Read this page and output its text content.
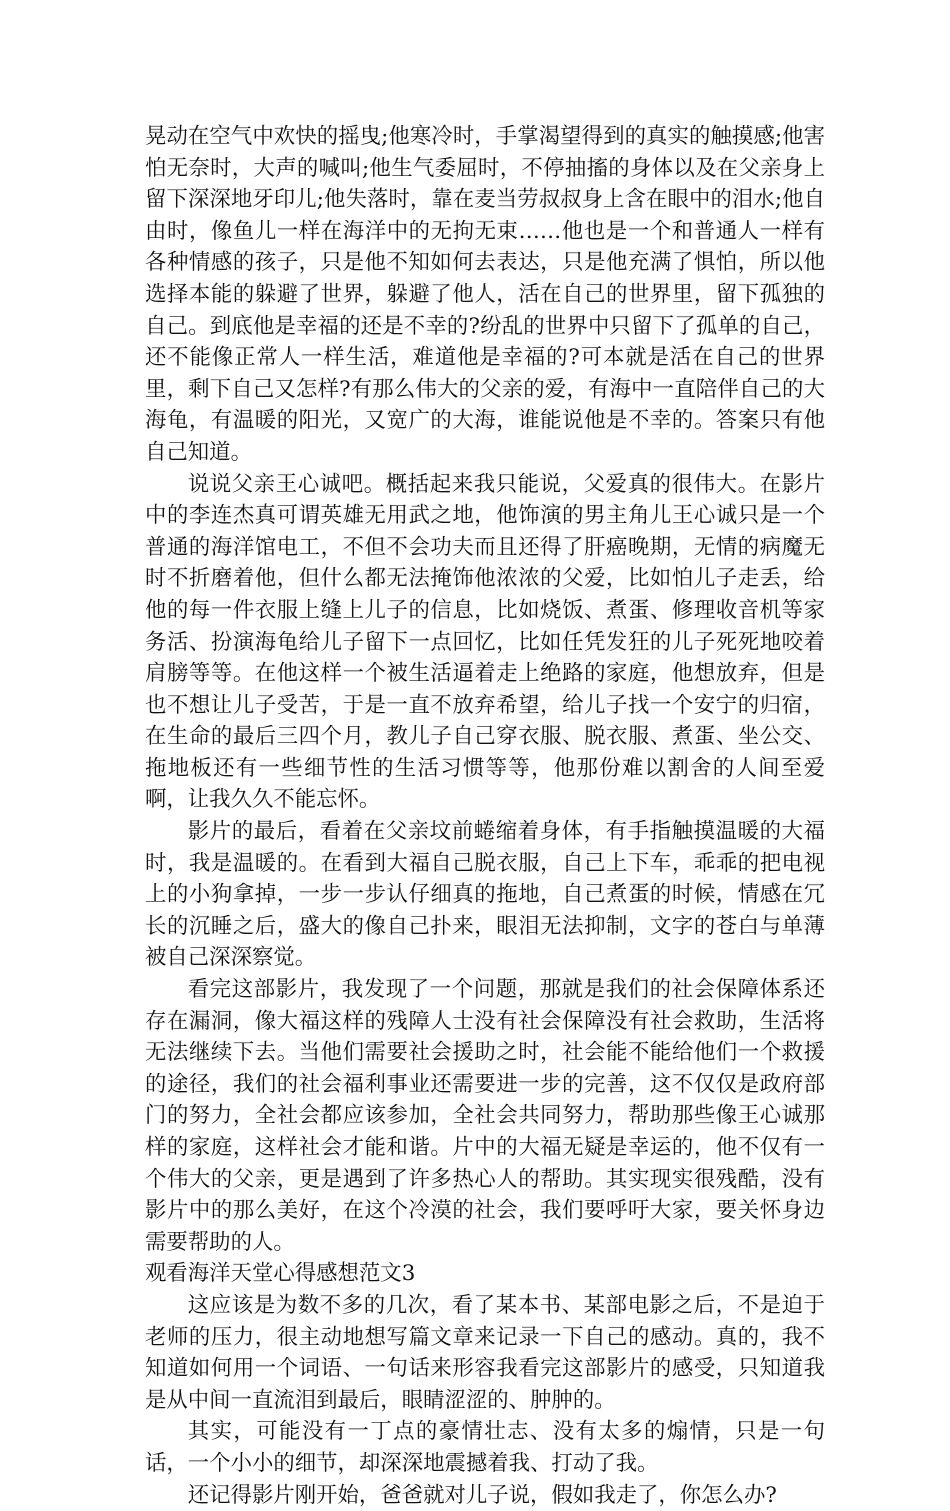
晃动在空气中欢快的摇曳;他寒冷时，手掌渴望得到的真实的触摸感;他害怕无奈时，大声的喊叫;他生气委屈时，不停抽搐的身体以及在父亲身上留下深深地牙印儿;他失落时，靠在麦当劳叔叔身上含在眼中的泪水;他自由时，像鱼儿一样在海洋中的无拘无束……他也是一个和普通人一样有各种情感的孩子，只是他不知如何去表达，只是他充满了惧怕，所以他选择本能的躲避了世界，躲避了他人，活在自己的世界里，留下孤独的自己。到底他是幸福的还是不幸的?纷乱的世界中只留下了孤单的自己，还不能像正常人一样生活，难道他是幸福的?可本就是活在自己的世界里，剩下自己又怎样?有那么伟大的父亲的爱，有海中一直陪伴自己的大海龟，有温暖的阳光，又宽广的大海，谁能说他是不幸的。答案只有他自己知道。

说说父亲王心诚吧。概括起来我只能说，父爱真的很伟大。在影片中的李连杰真可谓英雄无用武之地，他饰演的男主角儿王心诚只是一个普通的海洋馆电工，不但不会功夫而且还得了肝癌晚期，无情的病魔无时不折磨着他，但什么都无法掩饰他浓浓的父爱，比如怕儿子走丢，给他的每一件衣服上缝上儿子的信息，比如烧饭、煮蛋、修理收音机等家务活、扮演海龟给儿子留下一点回忆，比如任凭发狂的儿子死死地咬着肩膀等等。在他这样一个被生活逼着走上绝路的家庭，他想放弃，但是也不想让儿子受苦，于是一直不放弃希望，给儿子找一个安宁的归宿，在生命的最后三四个月，教儿子自己穿衣服、脱衣服、煮蛋、坐公交、拖地板还有一些细节性的生活习惯等等，他那份难以割舍的人间至爱啊，让我久久不能忘怀。

影片的最后，看着在父亲坟前蜷缩着身体，有手指触摸温暖的大福时，我是温暖的。在看到大福自己脱衣服，自己上下车，乖乖的把电视上的小狗拿掉，一步一步认仔细真的拖地，自己煮蛋的时候，情感在冗长的沉睡之后，盛大的像自己扑来，眼泪无法抑制，文字的苍白与单薄被自己深深察觉。

看完这部影片，我发现了一个问题，那就是我们的社会保障体系还存在漏洞，像大福这样的残障人士没有社会保障没有社会救助，生活将无法继续下去。当他们需要社会援助之时，社会能不能给他们一个救援的途径，我们的社会福利事业还需要进一步的完善，这不仅仅是政府部门的努力，全社会都应该参加，全社会共同努力，帮助那些像王心诚那样的家庭，这样社会才能和谐。片中的大福无疑是幸运的，他不仅有一个伟大的父亲，更是遇到了许多热心人的帮助。其实现实很残酷，没有影片中的那么美好，在这个冷漠的社会，我们要呼吁大家，要关怀身边需要帮助的人。

观看海洋天堂心得感想范文3

这应该是为数不多的几次，看了某本书、某部电影之后，不是迫于老师的压力，很主动地想写篇文章来记录一下自己的感动。真的，我不知道如何用一个词语、一句话来形容我看完这部影片的感受，只知道我是从中间一直流泪到最后，眼睛涩涩的、肿肿的。

其实，可能没有一丁点的豪情壮志、没有太多的煽情，只是一句话，一个小小的细节，却深深地震撼着我、打动了我。

还记得影片刚开始，爸爸就对儿子说，假如我走了，你怎么办?
